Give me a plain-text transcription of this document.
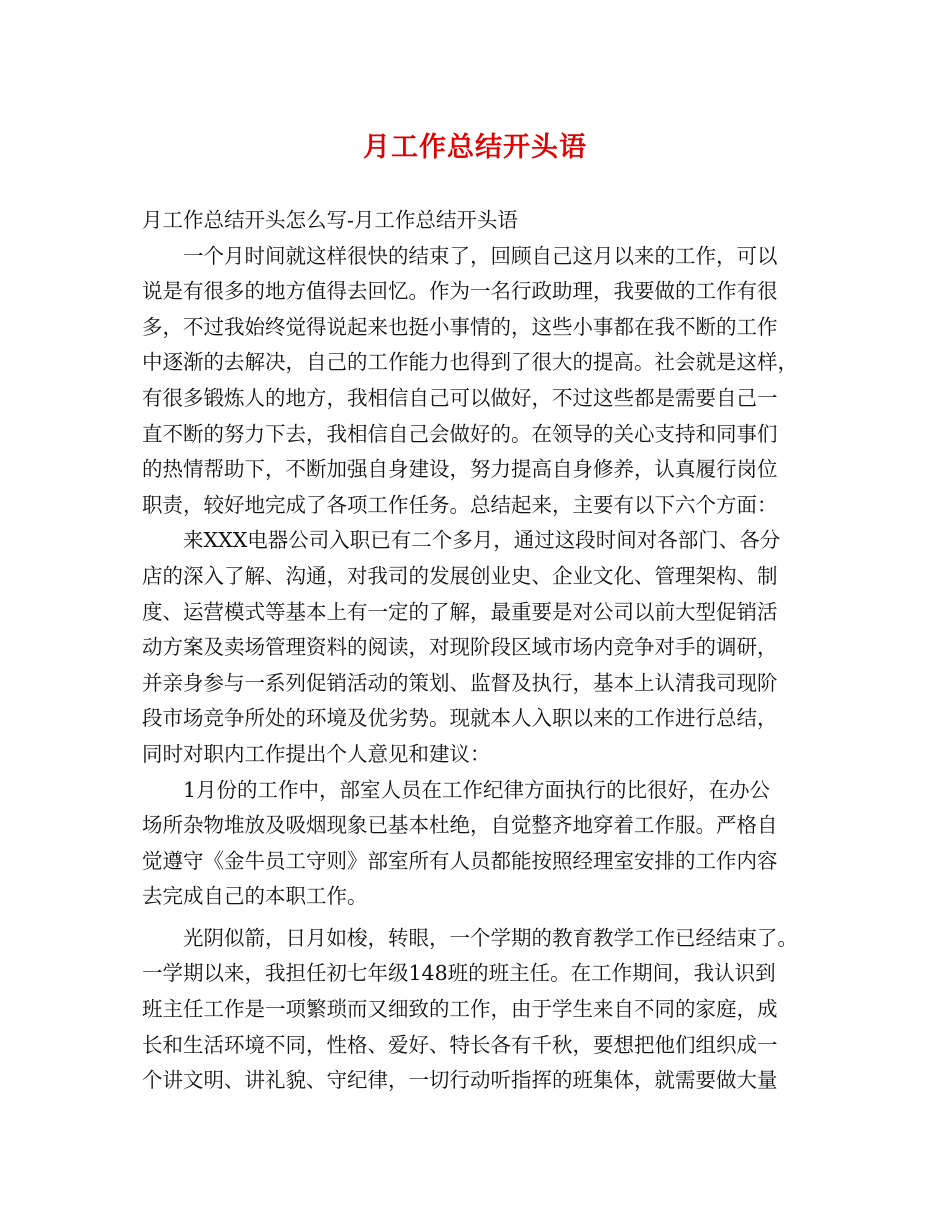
月工作总结开头语
月工作总结开头怎么写-月工作总结开头语
　　一个月时间就这样很快的结束了，回顾自己这月以来的工作，可以
说是有很多的地方值得去回忆。作为一名行政助理，我要做的工作有很
多，不过我始终觉得说起来也挺小事情的，这些小事都在我不断的工作
中逐渐的去解决，自己的工作能力也得到了很大的提高。社会就是这样，
有很多锻炼人的地方，我相信自己可以做好，不过这些都是需要自己一
直不断的努力下去，我相信自己会做好的。在领导的关心支持和同事们
的热情帮助下，不断加强自身建设，努力提高自身修养，认真履行岗位
职责，较好地完成了各项工作任务。总结起来，主要有以下六个方面：
　　来XXX电器公司入职已有二个多月，通过这段时间对各部门、各分
店的深入了解、沟通，对我司的发展创业史、企业文化、管理架构、制
度、运营模式等基本上有一定的了解，最重要是对公司以前大型促销活
动方案及卖场管理资料的阅读，对现阶段区域市场内竞争对手的调研，
并亲身参与一系列促销活动的策划、监督及执行，基本上认清我司现阶
段市场竞争所处的环境及优劣势。现就本人入职以来的工作进行总结，
同时对职内工作提出个人意见和建议：
　　1月份的工作中，部室人员在工作纪律方面执行的比很好，在办公
场所杂物堆放及吸烟现象已基本杜绝，自觉整齐地穿着工作服。严格自
觉遵守《金牛员工守则》部室所有人员都能按照经理室安排的工作内容
去完成自己的本职工作。
　　光阴似箭，日月如梭，转眼，一个学期的教育教学工作已经结束了。
一学期以来，我担任初七年级148班的班主任。在工作期间，我认识到
班主任工作是一项繁琐而又细致的工作，由于学生来自不同的家庭，成
长和生活环境不同，性格、爱好、特长各有千秋，要想把他们组织成一
个讲文明、讲礼貌、守纪律，一切行动听指挥的班集体，就需要做大量
